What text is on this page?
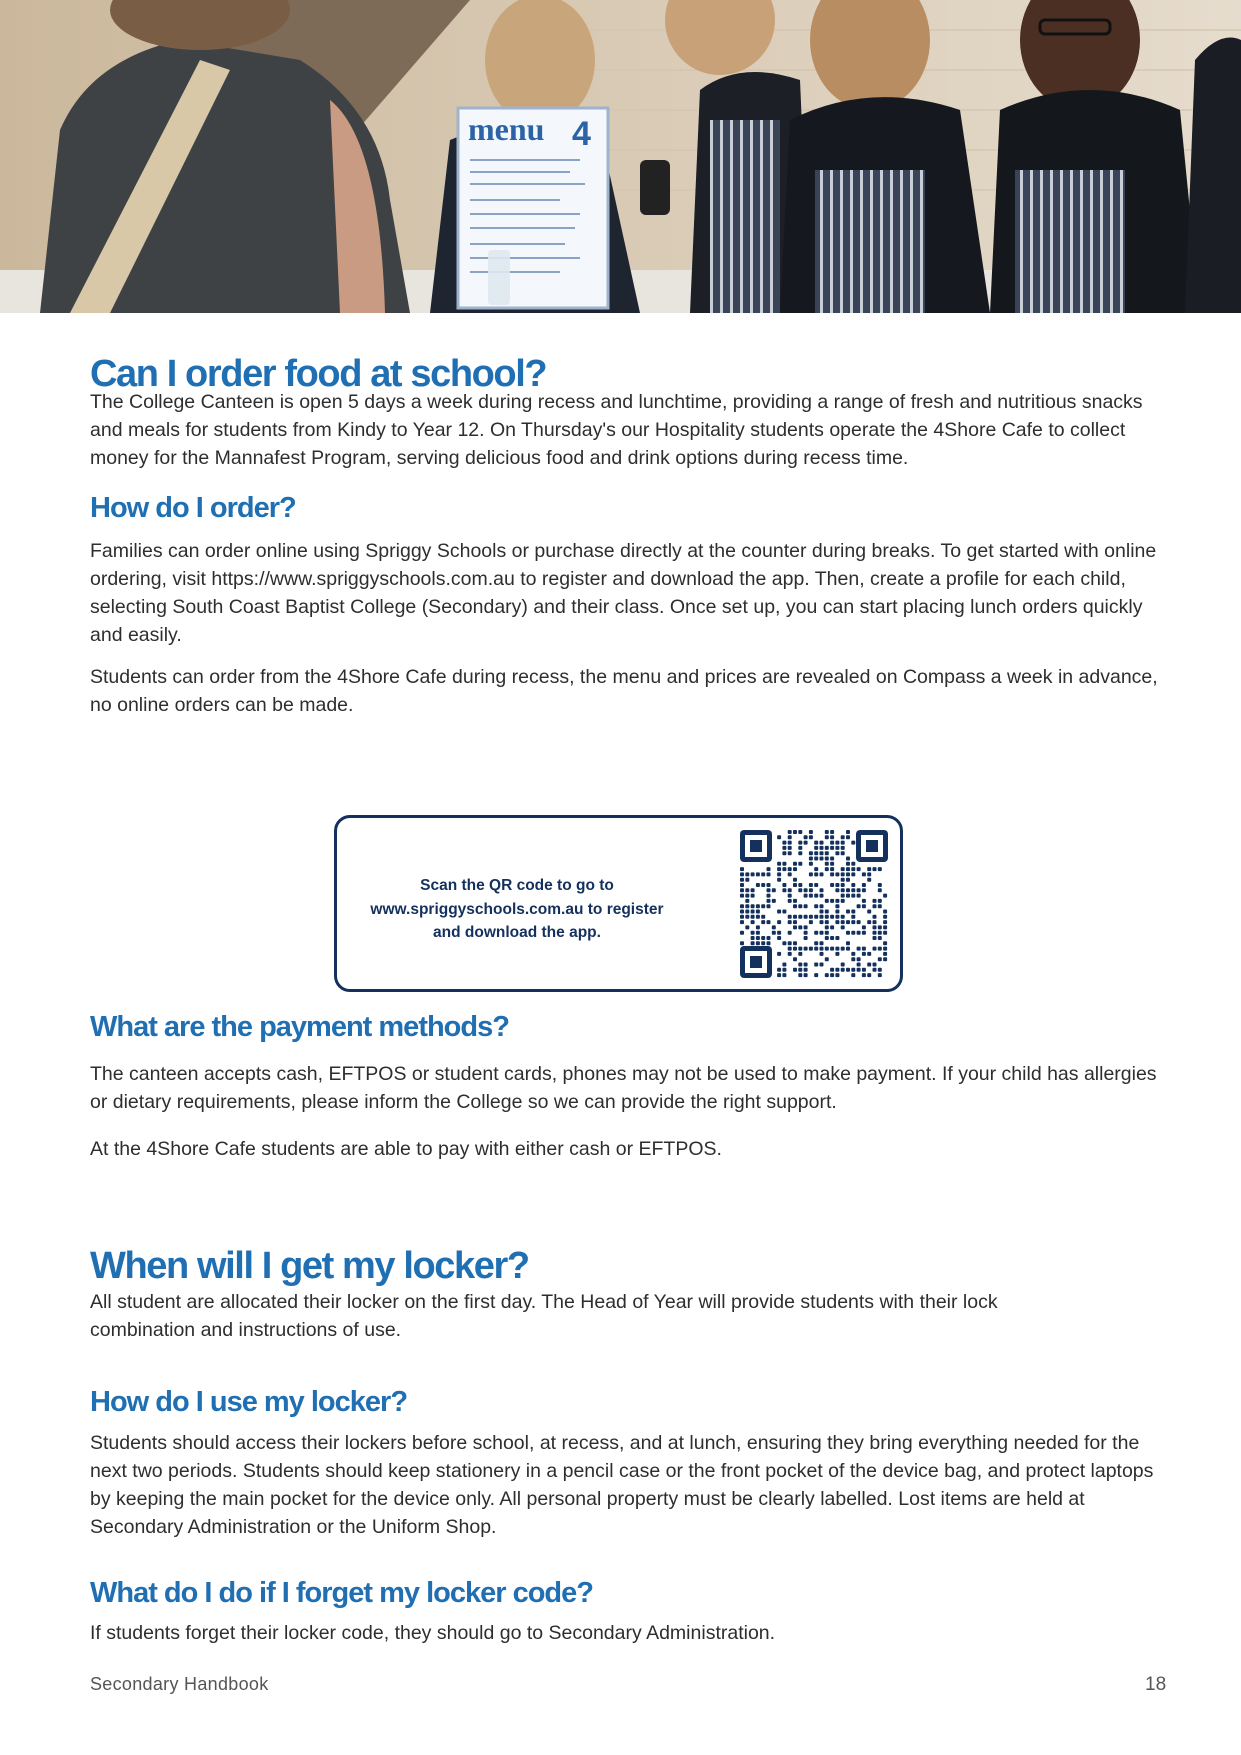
menu 4
Can I order food at school?

The College Canteen is open 5 days a week during recess and lunchtime, providing a range of fresh and nutritious snacks and meals for students from Kindy to Year 12. On Thursday's our Hospitality students operate the 4Shore Cafe to collect money for the Mannafest Program, serving delicious food and drink options during recess time.

How do I order?

Families can order online using Spriggy Schools or purchase directly at the counter during breaks. To get started with online ordering, visit https://www.spriggyschools.com.au to register and download the app. Then, create a profile for each child, selecting South Coast Baptist College (Secondary) and their class. Once set up, you can start placing lunch orders quickly and easily.

Students can order from the 4Shore Cafe during recess, the menu and prices are revealed on Compass a week in advance, no online orders can be made.

Scan the QR code to go to www.spriggyschools.com.au to register and download the app.
What are the payment methods?

The canteen accepts cash, EFTPOS or student cards, phones may not be used to make payment. If your child has allergies or dietary requirements, please inform the College so we can provide the right support.

At the 4Shore Cafe students are able to pay with either cash or EFTPOS.

When will I get my locker?

All student are allocated their locker on the first day. The Head of Year will provide students with their lock combination and instructions of use.

How do I use my locker?

Students should access their lockers before school, at recess, and at lunch, ensuring they bring everything needed for the next two periods. Students should keep stationery in a pencil case or the front pocket of the device bag, and protect laptops by keeping the main pocket for the device only. All personal property must be clearly labelled. Lost items are held at Secondary Administration or the Uniform Shop.

What do I do if I forget my locker code?

If students forget their locker code, they should go to Secondary Administration.

Secondary Handbook	18
